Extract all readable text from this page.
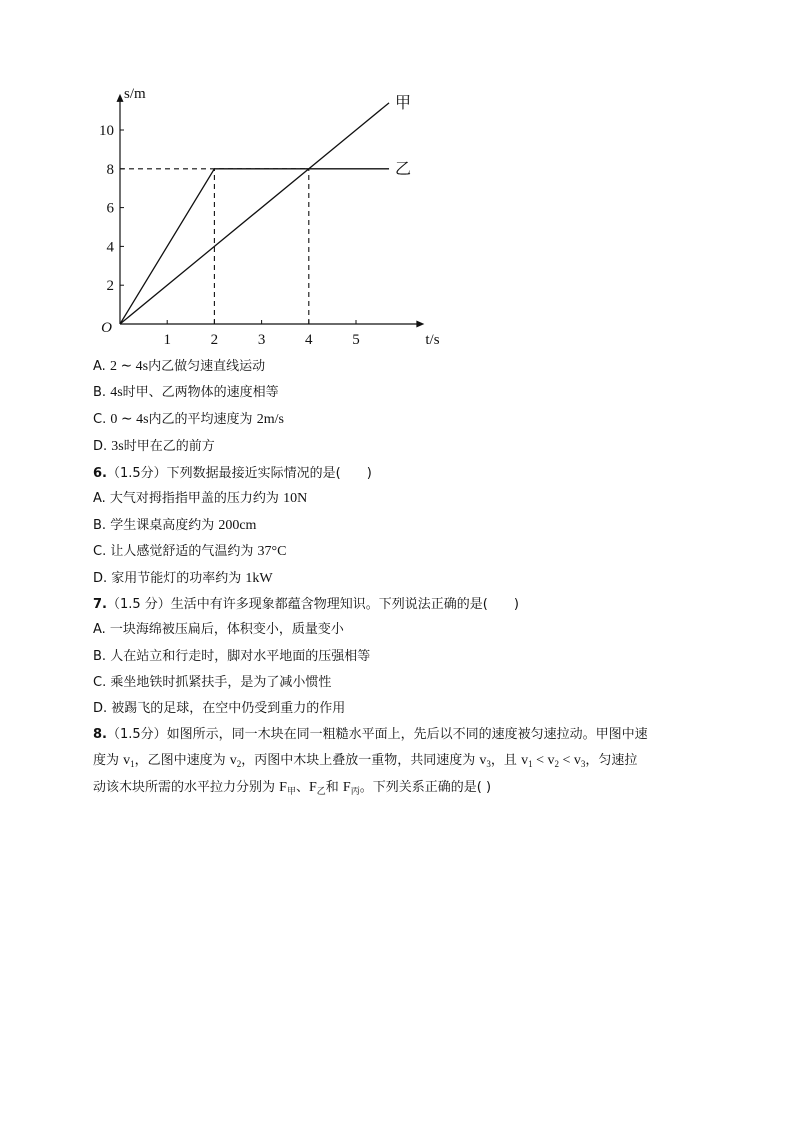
1	2	3	4	5
2
4
6
8
10
O
t/s
s/m
甲
乙
A. 2 ∼ 4s内乙做匀速直线运动
B. 4s时甲、乙两物体的速度相等
C. 0 ∼ 4s内乙的平均速度为 2m/s
D. 3s时甲在乙的前方
6.（1.5分）下列数据最接近实际情况的是( )
A. 大气对拇指指甲盖的压力约为 10N
B. 学生课桌高度约为 200cm
C. 让人感觉舒适的气温约为 37°C
D. 家用节能灯的功率约为 1kW
7.（1.5 分）生活中有许多现象都蕴含物理知识。下列说法正确的是( )
A. 一块海绵被压扁后，体积变小，质量变小
B. 人在站立和行走时，脚对水平地面的压强相等
C. 乘坐地铁时抓紧扶手，是为了减小惯性
D. 被踢飞的足球，在空中仍受到重力的作用
8.（1.5分）如图所示，同一木块在同一粗糙水平面上，先后以不同的速度被匀速拉动。甲图中速
度为 $v_1$，乙图中速度为 $v_2$，丙图中木块上叠放一重物，共同速度为 $v_3$，且 $v_1 < v_2 < v_3$，匀速拉
动该木块所需的水平拉力分别为 $F_甲$、$F_乙$和 $F_丙$。下列关系正确的是( )
